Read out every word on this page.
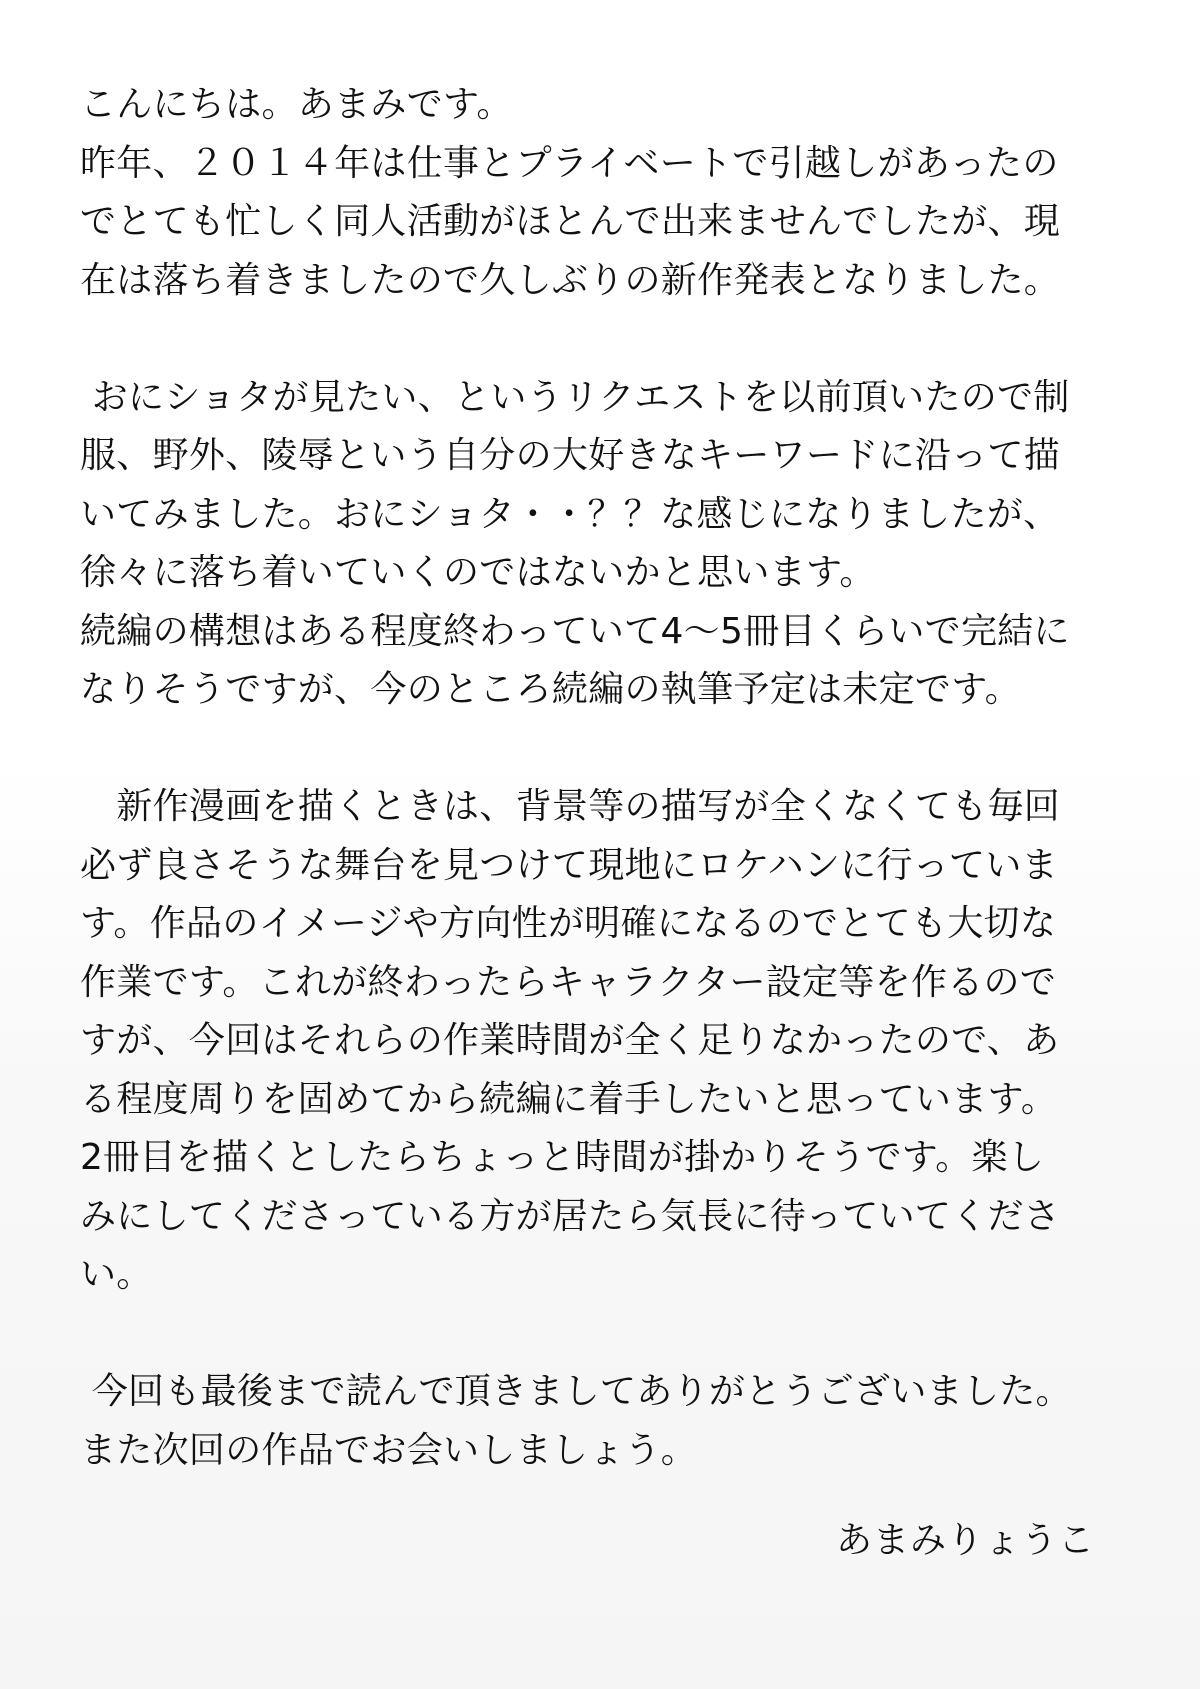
こんにちは。あまみです。
昨年、２０１４年は仕事とプライベートで引越しがあったの
でとても忙しく同人活動がほとんで出来ませんでしたが、現
在は落ち着きましたので久しぶりの新作発表となりました。
おにショタが見たい、というリクエストを以前頂いたので制
服、野外、陵辱という自分の大好きなキーワードに沿って描
いてみました。おにショタ・・？？な感じになりましたが、
徐々に落ち着いていくのではないかと思います。
続編の構想はある程度終わっていて4〜5冊目くらいで完結に
なりそうですが、今のところ続編の執筆予定は未定です。
　新作漫画を描くときは、背景等の描写が全くなくても毎回
必ず良さそうな舞台を見つけて現地にロケハンに行っていま
す。作品のイメージや方向性が明確になるのでとても大切な
作業です。これが終わったらキャラクター設定等を作るので
すが、今回はそれらの作業時間が全く足りなかったので、あ
る程度周りを固めてから続編に着手したいと思っています。
2冊目を描くとしたらちょっと時間が掛かりそうです。楽し
みにしてくださっている方が居たら気長に待っていてくださ
い。
今回も最後まで読んで頂きましてありがとうございました。
また次回の作品でお会いしましょう。
あまみりょうこ
